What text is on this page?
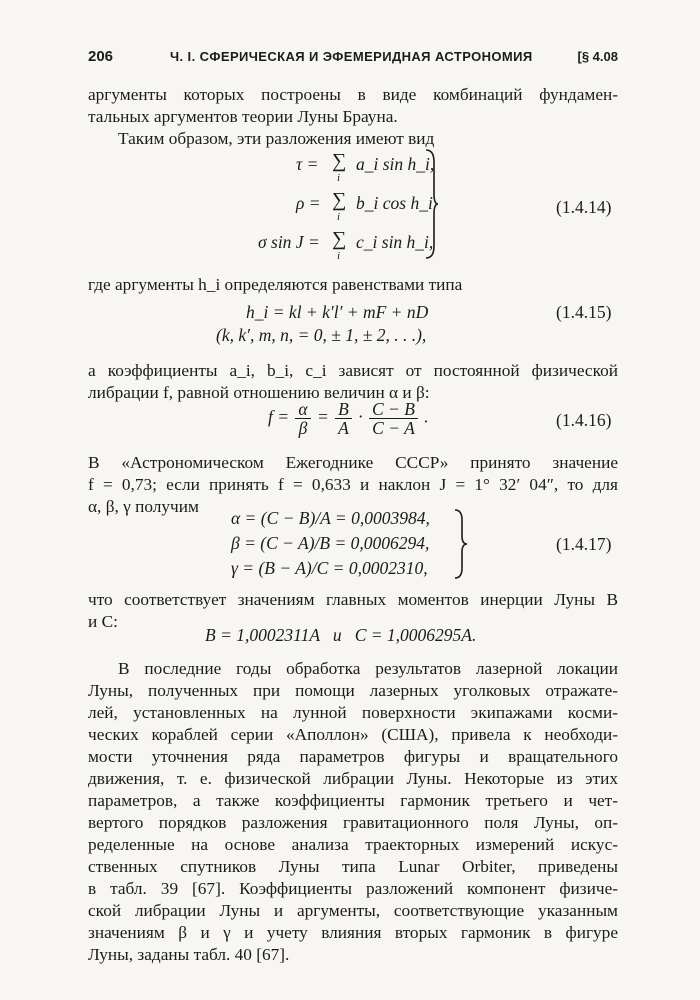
206	Ч. I. СФЕРИЧЕСКАЯ И ЭФЕМЕРИДНАЯ АСТРОНОМИЯ	[§ 4.08
аргументы которых построены в виде комбинаций фундамен-
тальных аргументов теории Луны Брауна.
Таким образом, эти разложения имеют вид
τ = ∑
i
a_i sin h_i,
ρ = ∑
i
b_i cos h_i
σ sin J = ∑
i
c_i sin h_i,
(1.4.14)
где аргументы h_i определяются равенствами типа
h_i = kl + k′l′ + mF + nD	(1.4.15)
(k, k′, m, n, = 0, ± 1, ± 2, . . .),
а коэффициенты a_i, b_i, c_i зависят от постоянной физической
либрации f, равной отношению величин α и β:
$f = \frac{\alpha}{\beta} = \frac{B}{A} \cdot \frac{C - B}{C - A}$ .	(1.4.16)
В «Астрономическом Ежегоднике СССР» принято значение
f = 0,73; если принять f = 0,633 и наклон J = 1° 32′ 04″, то для
α, β, γ получим
α = (C − B)/A = 0,0003984,
β = (C − A)/B = 0,0006294,
γ = (B − A)/C = 0,0002310,
(1.4.17)
что соответствует значениям главных моментов инерции Луны B
и C:
B = 1,0002311A   и   C = 1,0006295A.
В последние годы обработка результатов лазерной локации
Луны, полученных при помощи лазерных уголковых отражате-
лей, установленных на лунной поверхности экипажами косми-
ческих кораблей серии «Аполлон» (США), привела к необходи-
мости уточнения ряда параметров фигуры и вращательного
движения, т. е. физической либрации Луны. Некоторые из этих
параметров, а также коэффициенты гармоник третьего и чет-
вертого порядков разложения гравитационного поля Луны, оп-
ределенные на основе анализа траекторных измерений искус-
ственных спутников Луны типа Lunar Orbiter, приведены
в табл. 39 [67]. Коэффициенты разложений компонент физиче-
ской либрации Луны и аргументы, соответствующие указанным
значениям β и γ и учету влияния вторых гармоник в фигуре
Луны, заданы табл. 40 [67].
